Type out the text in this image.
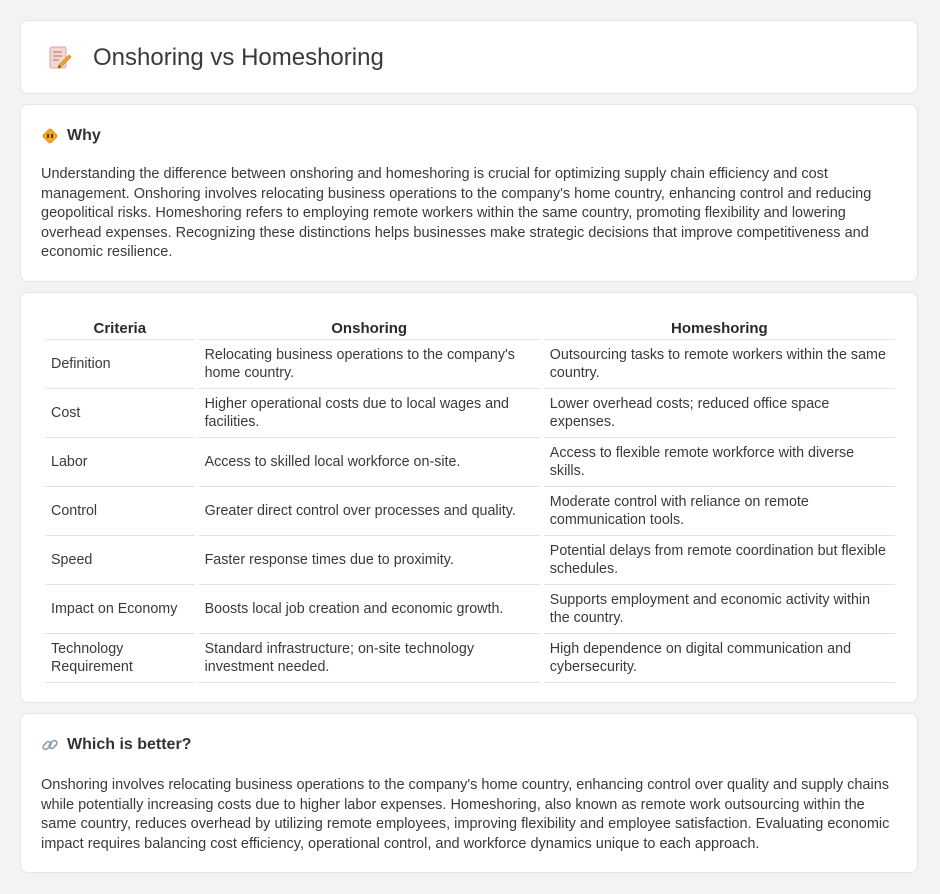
Onshoring vs Homeshoring
Why

Understanding the difference between onshoring and homeshoring is crucial for optimizing supply chain efficiency and cost management. Onshoring involves relocating business operations to the company's home country, enhancing control and reducing geopolitical risks. Homeshoring refers to employing remote workers within the same country, promoting flexibility and lowering overhead expenses. Recognizing these distinctions helps businesses make strategic decisions that improve competitiveness and economic resilience.

Criteria	Onshoring	Homeshoring
Definition	Relocating business operations to the company's home country.	Outsourcing tasks to remote workers within the same country.
Cost	Higher operational costs due to local wages and facilities.	Lower overhead costs; reduced office space expenses.
Labor	Access to skilled local workforce on-site.	Access to flexible remote workforce with diverse skills.
Control	Greater direct control over processes and quality.	Moderate control with reliance on remote communication tools.
Speed	Faster response times due to proximity.	Potential delays from remote coordination but flexible schedules.
Impact on Economy	Boosts local job creation and economic growth.	Supports employment and economic activity within the country.
Technology Requirement	Standard infrastructure; on-site technology investment needed.	High dependence on digital communication and cybersecurity.
Which is better?

Onshoring involves relocating business operations to the company's home country, enhancing control over quality and supply chains while potentially increasing costs due to higher labor expenses. Homeshoring, also known as remote work outsourcing within the same country, reduces overhead by utilizing remote employees, improving flexibility and employee satisfaction. Evaluating economic impact requires balancing cost efficiency, operational control, and workforce dynamics unique to each approach.
